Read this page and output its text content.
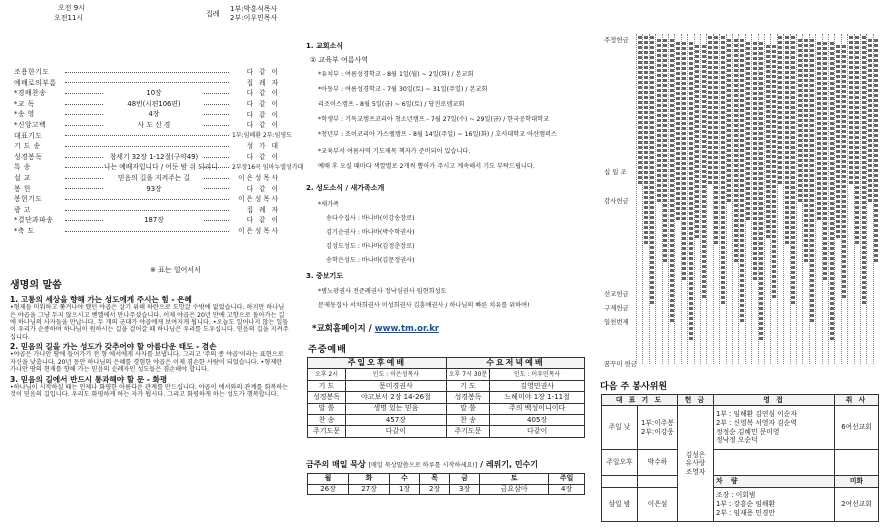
오전 9시
오전11시	집례
1부:박흥식목사
2부:이우민목사
조용한기도	다 같 이
예배로의부름	집 례 자
*경배찬송	다 같 이
10장
*교 독	다 같 이
48번(시편106편)
*송 영	다 같 이
4장
*신앙고백	다 같 이
사 도 신 경
대표기도	1부:임해환 2부:임영도
기 도 송	성 가 대
성경봉독	다 같 이
창세기 32장 1-12절(구약49)
특 송	2부장16곡 임마누엘성가대
나는 예배자입니다 / 어둔 밤 쉬 되리니
설 교	이은성목사
믿음의 길을 지켜주는 길
봉 헌	다 같 이
93장
봉헌기도	이은성목사
광 고	집 례 자
*결단과파송	다 같 이
187장
*축 도	이은성목사
※ 표는 일어서서
생명의 말씀

1. 고통의 세상을 향해 가는 성도에게 주시는 힘 - 은혜

•형제들 미워하고 쫓겨나야 했던 야곱은 살기 위해 하란으로 도망갈 수밖에 없었습니다. 하지만 하나님은 야곱을 그냥 두지 않으시고 벧엘에서 만나주셨습니다. 이제 야곱은 20년 만에 고향으로 돌아가는 길에 하나님의 사자들을 만납니다. 두 개의 군대가 야곱에게 보여지게 됩니다. •오늘도 일어나지 않는 일들이 우리가 순종하며 하나님이 원하시는 길을 걸어갈 때 하나님은 우리를 도우십니다. 믿음의 길을 지켜주십니다.

2. 믿음의 길을 가는 성도가 갖추어야 할 아름다운 태도 - 겸손

•야곱은 가나안 땅에 들어가기 전 형 에서에게 사자를 보냅니다. 그리고 '주의 종 야곱'이라는 표현으로 자신을 낮춥니다. 20년 동안 하나님의 은혜를 경험한 야곱은 이제 겸손한 사람이 되었습니다. •형제란 가나안 땅의 현재를 향해 가는 믿음의 순례자인 성도들은 겸손해야 합니다.

3. 믿음의 길에서 반드시 통과해야 할 문 - 화평

•하나님이 시작하실 때는 언제나 화평한 아름다운 관계를 만드십니다. 야곱이 에서와의 관계를 회복하는 것이 믿음의 길입니다. 우리도 화평하게 하는 자가 됩시다. 그리고 화평하게 하는 성도가 행복합니다.

1. 교회소식
① 교육부 여름사역
*유치부 : 여름성경학교 - 8월 1일(월) ~ 2일(화) / 본교회
*아동부 : 여름성경학교 - 7월 30일(토) ~ 31일(주일) / 본교회
리조이스캠프 - 8월 5일(금) ~ 6일(토) / 당진로뎀교회
*학생부 : 기독교캠프코리아 청소년캠프 - 7월 27일(수) ~ 29일(금) / 한국공학대학교
*청년부 : 조이코리아 가스펠캠프 - 8월 14일(주일) ~ 16일(화) / 호서대학교 아산캠퍼스
*교육부서 여름사역 기도제목 책자가 준비되어 있습니다.
예배 후 오실 때마다 색깔별로 2개씩 뽑아가 주시고 계속해서 기도 부탁드립니다.
2. 성도소식 / 새가족소개
*새가족
송다수집사 : 바나바(이강송장로)
김기순권사 : 바나바(박수학권사)
김성도성도 : 바나바(김정춘장로)
송학은성도 : 바나바(김문정권사)
3. 중보기도
*병노광권사 전준례권사 정낙심권사 임현희성도
문제동집사 서차희권사 이성희권사 김흥애권사 / 하나님의 빠른 치유를 위하여!
*교회홈페이지 / www.tm.or.kr
주중예배
주일오후예배		수요저녁예배	
오후 2시	인도 : 이은성목사	오후 7시 30분	인도 : 이우민목사
기 도	문미경권사	기 도	김영민권사
성경봉독	야고보서 2장 14-26절	성경봉독	느헤미야 1장 1-11절
말 씀	생명 있는 믿음	말 씀	주의 백성이니이다
찬 송	457장	찬 송	405장
주기도문	다같이	주기도문	다같이
금주의 매일 묵상 [매일 묵상말씀으로 하루를 시작하세요!] / 레위기, 민수기
월	화	수	목	금	토	주일
26장	27장	1장	2장	3장	금요삼아	4장
주정헌금
십 일 조
감사헌금
선교헌금
구제헌금
일천번제
꿈꾸미 헌금
다음 주 봉사위원
대 표 기 도		헌 금	영 접	취 사
주일 낮	1부:이주봉
2부:이강웅	김성은
유사랑
조영자	1부 : 임해환 김연심 이순자
2부 : 신영복 서영자 김순역
정정순 김혜민 문미영
정낙정 오순덕	6여선교회
주일오후	박수하			
			차 량	미화
삼일 밤	이은섬		조장 : 이회범
1부 : 강흥순 임해환
2부 : 임재용 민경만	2여선교회
